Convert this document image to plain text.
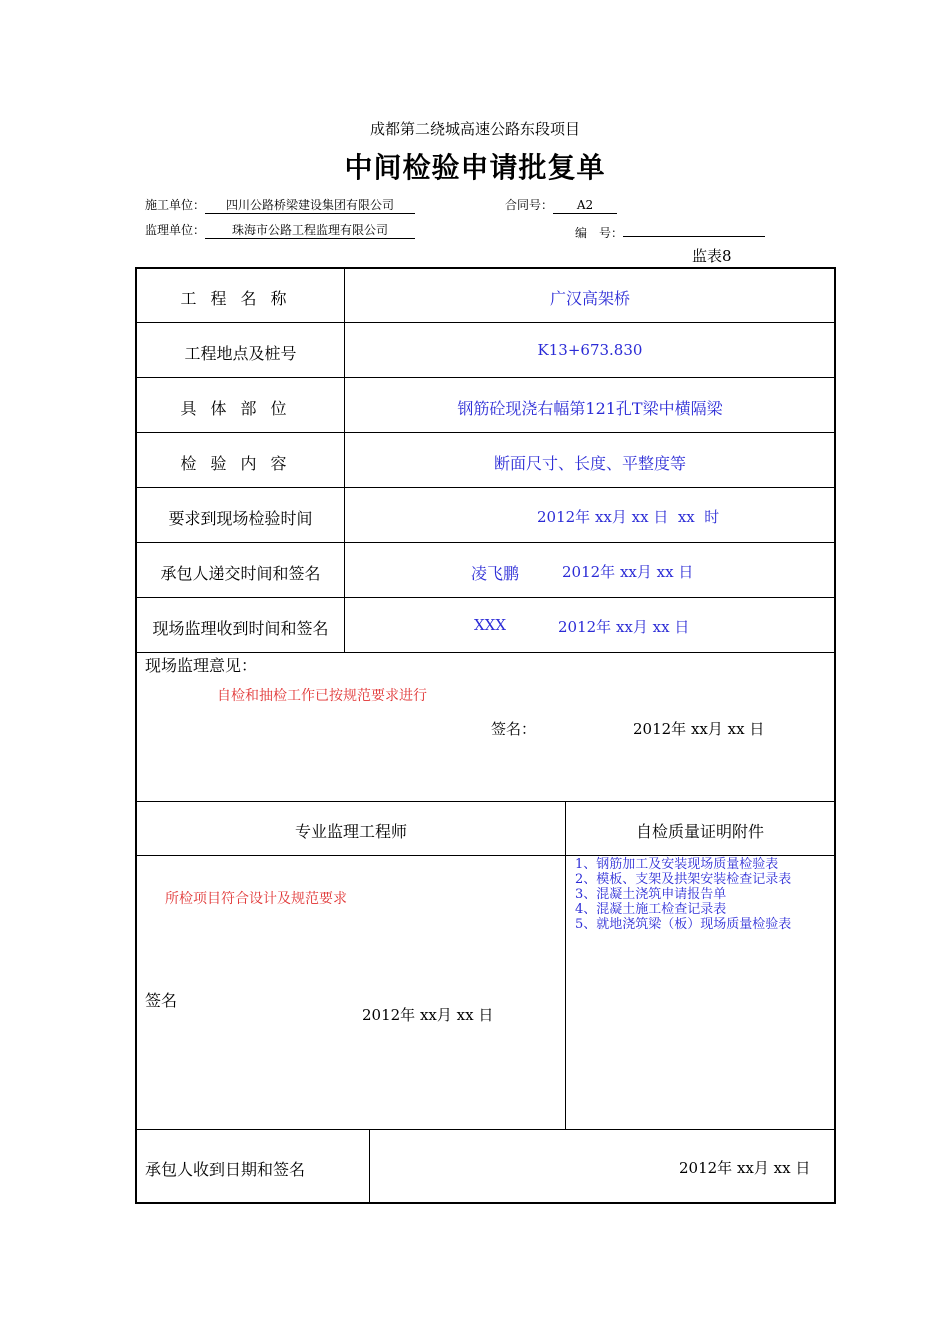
成都第二绕城高速公路东段项目
中间检验申请批复单
施工单位： 四川公路桥梁建设集团有限公司	合同号： A2
监理单位： 珠海市公路工程监理有限公司	编　号：
监表8
工程名称	广汉高架桥
工程地点及桩号	K13+673.830
具体部位	钢筋砼现浇右幅第121孔T梁中横隔梁
检验内容	断面尺寸、长度、平整度等
要求到现场检验时间	2012年 xx月 xx 日  xx  时
承包人递交时间和签名	凌飞鹏	2012年 xx月 xx 日
现场监理收到时间和签名	XXX	2012年 xx月 xx 日
现场监理意见：
自检和抽检工作已按规范要求进行
签名：	2012年 xx月 xx 日
专业监理工程师	自检质量证明附件
所检项目符合设计及规范要求
签名
2012年 xx月 xx 日
1、钢筋加工及安装现场质量检验表
2、模板、支架及拱架安装检查记录表
3、混凝土浇筑申请报告单
4、混凝土施工检查记录表
5、就地浇筑梁（板）现场质量检验表
承包人收到日期和签名	2012年 xx月 xx 日
